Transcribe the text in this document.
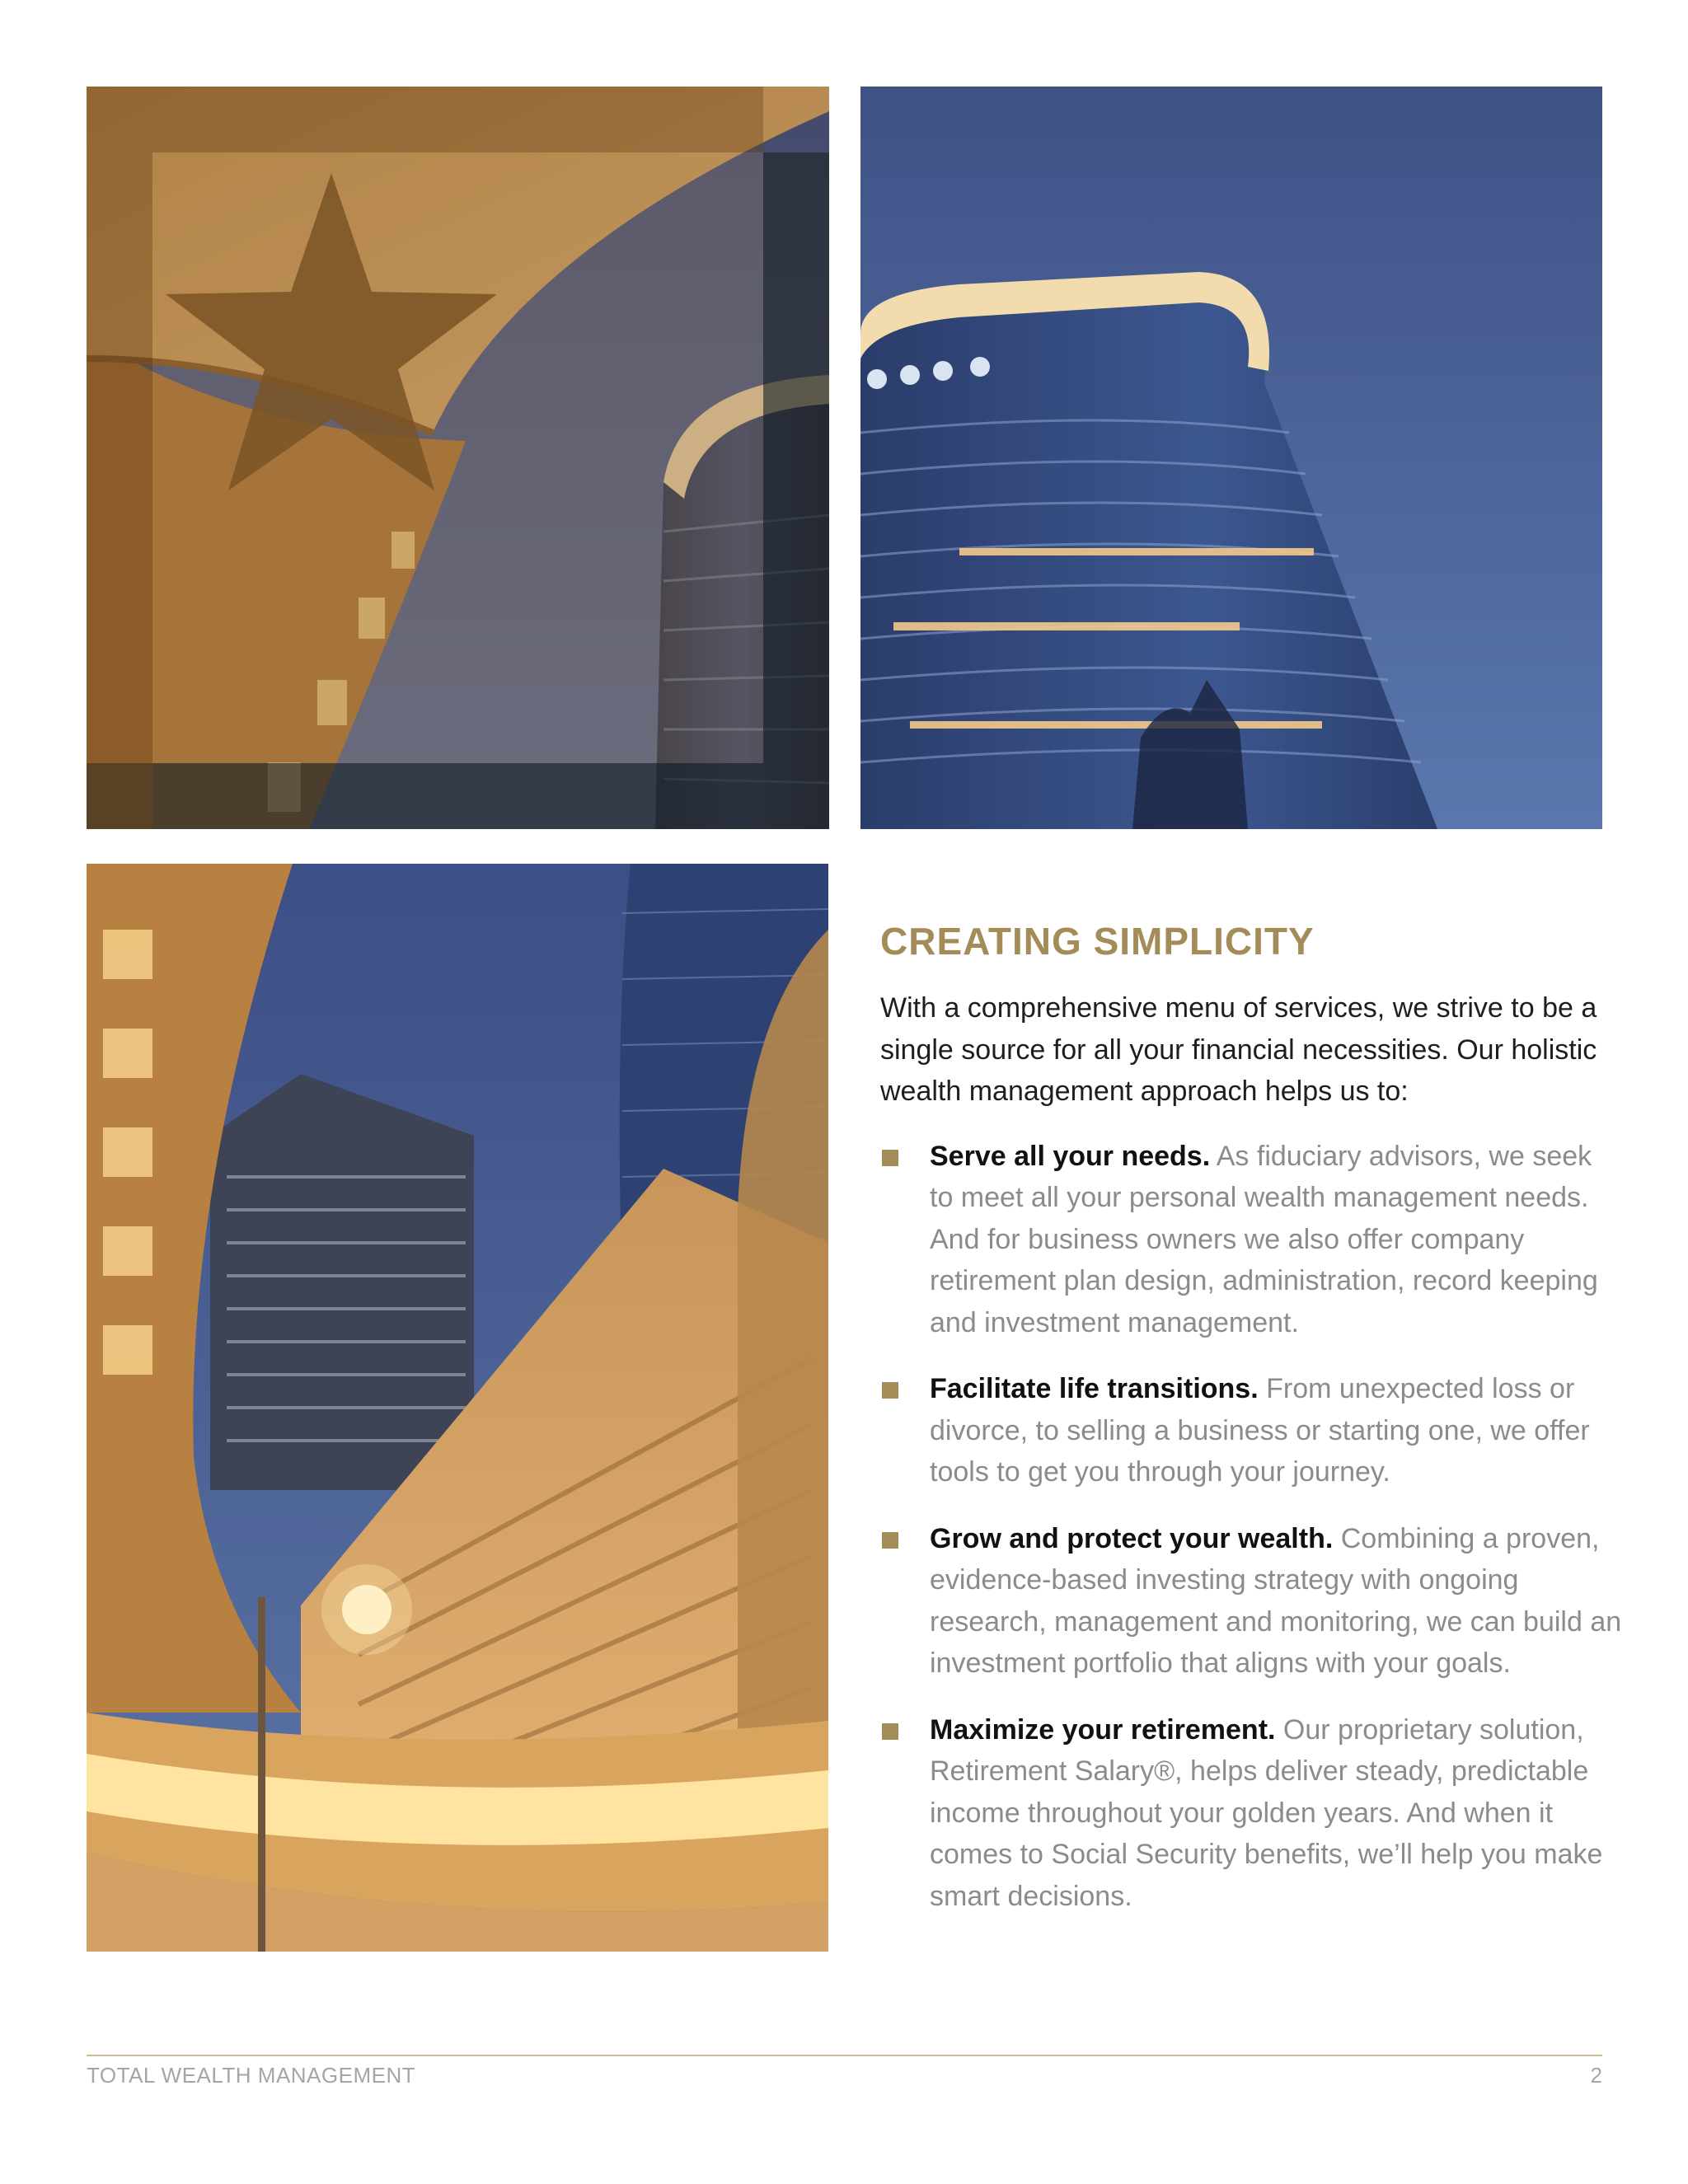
CREATING SIMPLICITY

With a comprehensive menu of services, we strive to be a single source for all your financial necessities. Our holistic wealth management approach helps us to:

Serve all your needs. As fiduciary advisors, we seek to meet all your personal wealth management needs. And for business owners we also offer company retirement plan design, administration, record keeping and investment management.
Facilitate life transitions. From unexpected loss or divorce, to selling a business or starting one, we offer tools to get you through your journey.
Grow and protect your wealth. Combining a proven, evidence-based investing strategy with ongoing research, management and monitoring, we can build an investment portfolio that aligns with your goals.
Maximize your retirement. Our proprietary solution, Retirement Salary®, helps deliver steady, predictable income throughout your golden years. And when it comes to Social Security benefits, we’ll help you make smart decisions.
TOTAL WEALTH MANAGEMENT	2
